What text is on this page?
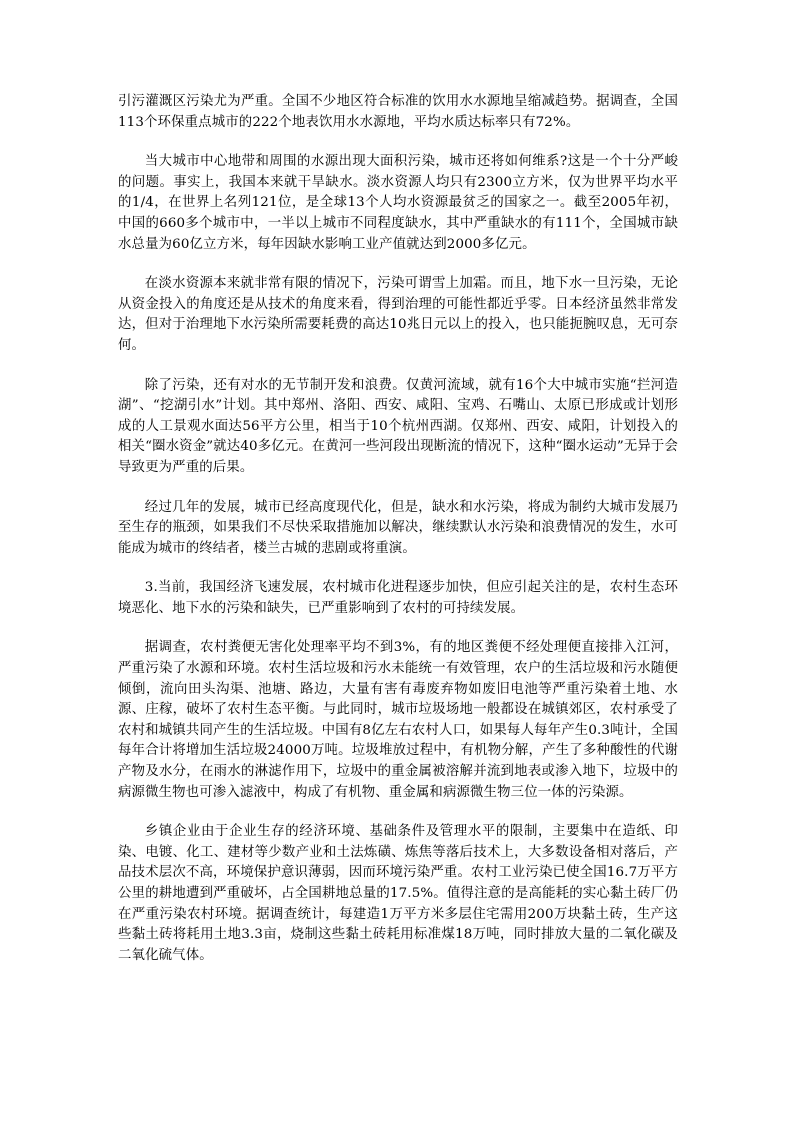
引污灌溉区污染尤为严重。全国不少地区符合标准的饮用水水源地呈缩减趋势。据调查，全国113个环保重点城市的222个地表饮用水水源地，平均水质达标率只有72%。

当大城市中心地带和周围的水源出现大面积污染，城市还将如何维系?这是一个十分严峻的问题。事实上，我国本来就干旱缺水。淡水资源人均只有2300立方米，仅为世界平均水平的1/4，在世界上名列121位，是全球13个人均水资源最贫乏的国家之一。截至2005年初，中国的660多个城市中，一半以上城市不同程度缺水，其中严重缺水的有111个，全国城市缺水总量为60亿立方米，每年因缺水影响工业产值就达到2000多亿元。

在淡水资源本来就非常有限的情况下，污染可谓雪上加霜。而且，地下水一旦污染，无论从资金投入的角度还是从技术的角度来看，得到治理的可能性都近乎零。日本经济虽然非常发达，但对于治理地下水污染所需要耗费的高达10兆日元以上的投入，也只能扼腕叹息，无可奈何。

除了污染，还有对水的无节制开发和浪费。仅黄河流域，就有16个大中城市实施“拦河造湖”、“挖湖引水”计划。其中郑州、洛阳、西安、咸阳、宝鸡、石嘴山、太原已形成或计划形成的人工景观水面达56平方公里，相当于10个杭州西湖。仅郑州、西安、咸阳，计划投入的相关“圈水资金”就达40多亿元。在黄河一些河段出现断流的情况下，这种“圈水运动”无异于会导致更为严重的后果。

经过几年的发展，城市已经高度现代化，但是，缺水和水污染，将成为制约大城市发展乃至生存的瓶颈，如果我们不尽快采取措施加以解决，继续默认水污染和浪费情况的发生，水可能成为城市的终结者，楼兰古城的悲剧或将重演。

3.当前，我国经济飞速发展，农村城市化进程逐步加快，但应引起关注的是，农村生态环境恶化、地下水的污染和缺失，已严重影响到了农村的可持续发展。

据调查，农村粪便无害化处理率平均不到3%，有的地区粪便不经处理便直接排入江河，严重污染了水源和环境。农村生活垃圾和污水未能统一有效管理，农户的生活垃圾和污水随便倾倒，流向田头沟渠、池塘、路边，大量有害有毒废弃物如废旧电池等严重污染着土地、水源、庄稼，破坏了农村生态平衡。与此同时，城市垃圾场地一般都设在城镇郊区，农村承受了农村和城镇共同产生的生活垃圾。中国有8亿左右农村人口，如果每人每年产生0.3吨计，全国每年合计将增加生活垃圾24000万吨。垃圾堆放过程中，有机物分解，产生了多种酸性的代谢产物及水分，在雨水的淋滤作用下，垃圾中的重金属被溶解并流到地表或渗入地下，垃圾中的病源微生物也可渗入滤液中，构成了有机物、重金属和病源微生物三位一体的污染源。

乡镇企业由于企业生存的经济环境、基础条件及管理水平的限制，主要集中在造纸、印染、电镀、化工、建材等少数产业和土法炼磺、炼焦等落后技术上，大多数设备相对落后，产品技术层次不高，环境保护意识薄弱，因而环境污染严重。农村工业污染已使全国16.7万平方公里的耕地遭到严重破坏，占全国耕地总量的17.5%。值得注意的是高能耗的实心黏土砖厂仍在严重污染农村环境。据调查统计，每建造1万平方米多层住宅需用200万块黏土砖，生产这些黏土砖将耗用土地3.3亩，烧制这些黏土砖耗用标准煤18万吨，同时排放大量的二氧化碳及二氧化硫气体。
